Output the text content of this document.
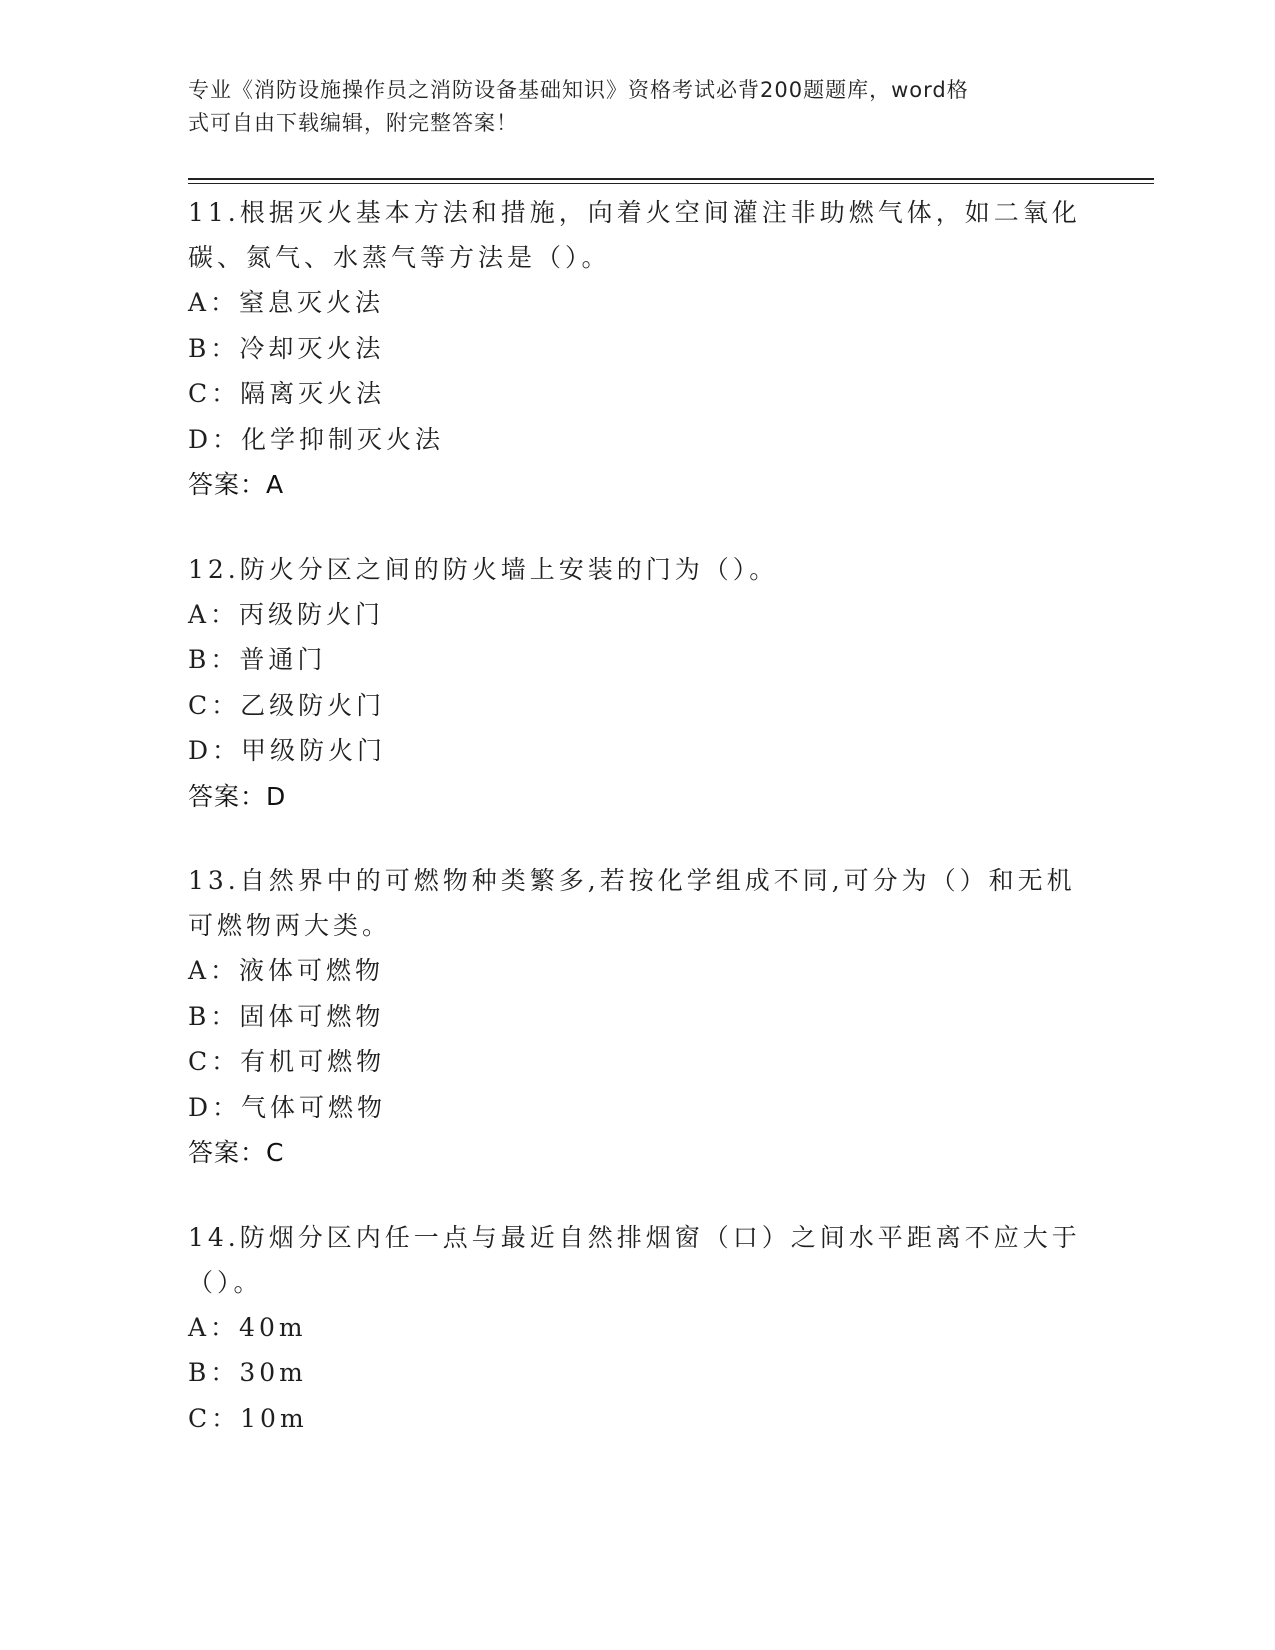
专业《消防设施操作员之消防设备基础知识》资格考试必背200题题库，word格
式可自由下载编辑，附完整答案！
11.根据灭火基本方法和措施，向着火空间灌注非助燃气体，如二氧化
碳、氮气、水蒸气等方法是（）。
A：窒息灭火法
B：冷却灭火法
C：隔离灭火法
D：化学抑制灭火法
答案：A
12.防火分区之间的防火墙上安装的门为（）。
A：丙级防火门
B：普通门
C：乙级防火门
D：甲级防火门
答案：D
13.自然界中的可燃物种类繁多,若按化学组成不同,可分为（）和无机
可燃物两大类。
A：液体可燃物
B：固体可燃物
C：有机可燃物
D：气体可燃物
答案：C
14.防烟分区内任一点与最近自然排烟窗（口）之间水平距离不应大于
（）。
A：40m
B：30m
C：10m
